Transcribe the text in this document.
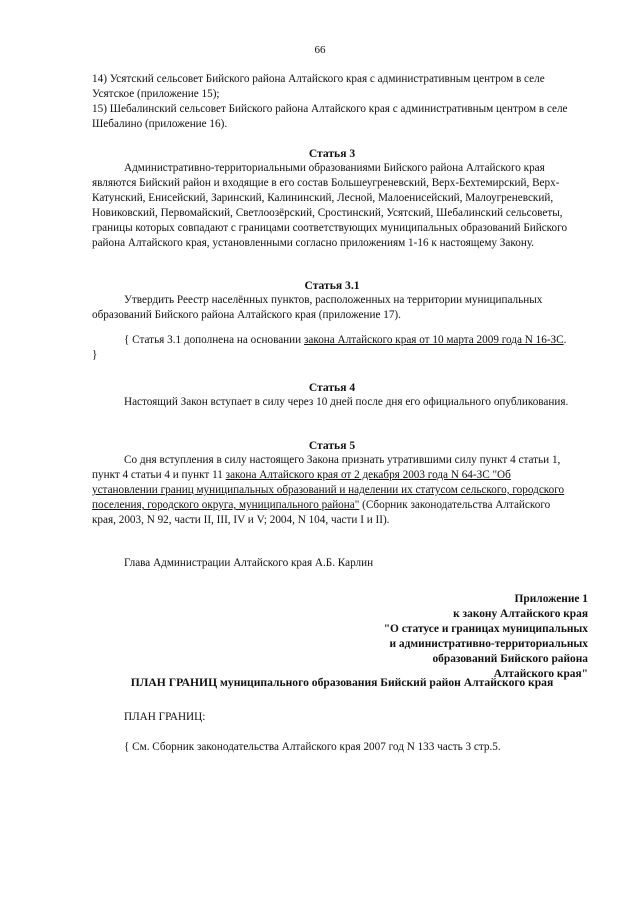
66

14) Усятский сельсовет Бийского района Алтайского края с административным центром в селе Усятское (приложение 15);

15) Шебалинский сельсовет Бийского района Алтайского края с административным центром в селе Шебалино (приложение 16).

Статья 3

Административно-территориальными образованиями Бийского района Алтайского края являются Бийский район и входящие в его состав Большеугреневский, Верх-Бехтемирский, Верх-Катунский, Енисейский, Заринский, Калининский, Лесной, Малоенисейский, Малоугреневский, Новиковский, Первомайский, Светлоозёрский, Сростинский, Усятский, Шебалинский сельсоветы, границы которых совпадают с границами соответствующих муниципальных образований Бийского района Алтайского края, установленными согласно приложениям 1-16 к настоящему Закону.

Статья 3.1

Утвердить Реестр населённых пунктов, расположенных на территории муниципальных образований Бийского района Алтайского края (приложение 17).

{ Статья 3.1 дополнена на основании закона Алтайского края от 10 марта 2009 года N 16-ЗС. }

Статья 4

Настоящий Закон вступает в силу через 10 дней после дня его официального опубликования.

Статья 5

Со дня вступления в силу настоящего Закона признать утратившими силу пункт 4 статьи 1, пункт 4 статьи 4 и пункт 11 закона Алтайского края от 2 декабря 2003 года N 64-ЗС "Об установлении границ муниципальных образований и наделении их статусом сельского, городского поселения, городского округа, муниципального района" (Сборник законодательства Алтайского края, 2003, N 92, части II, III, IV и V; 2004, N 104, части I и II).

Глава Администрации Алтайского края А.Б. Карлин

Приложение 1
к закону Алтайского края
"О статусе и границах муниципальных
и административно-территориальных
образований Бийского района
Алтайского края"
ПЛАН ГРАНИЦ муниципального образования Бийский район Алтайского края

ПЛАН ГРАНИЦ:

{ См. Сборник законодательства Алтайского края 2007 год N 133 часть 3 стр.5.
